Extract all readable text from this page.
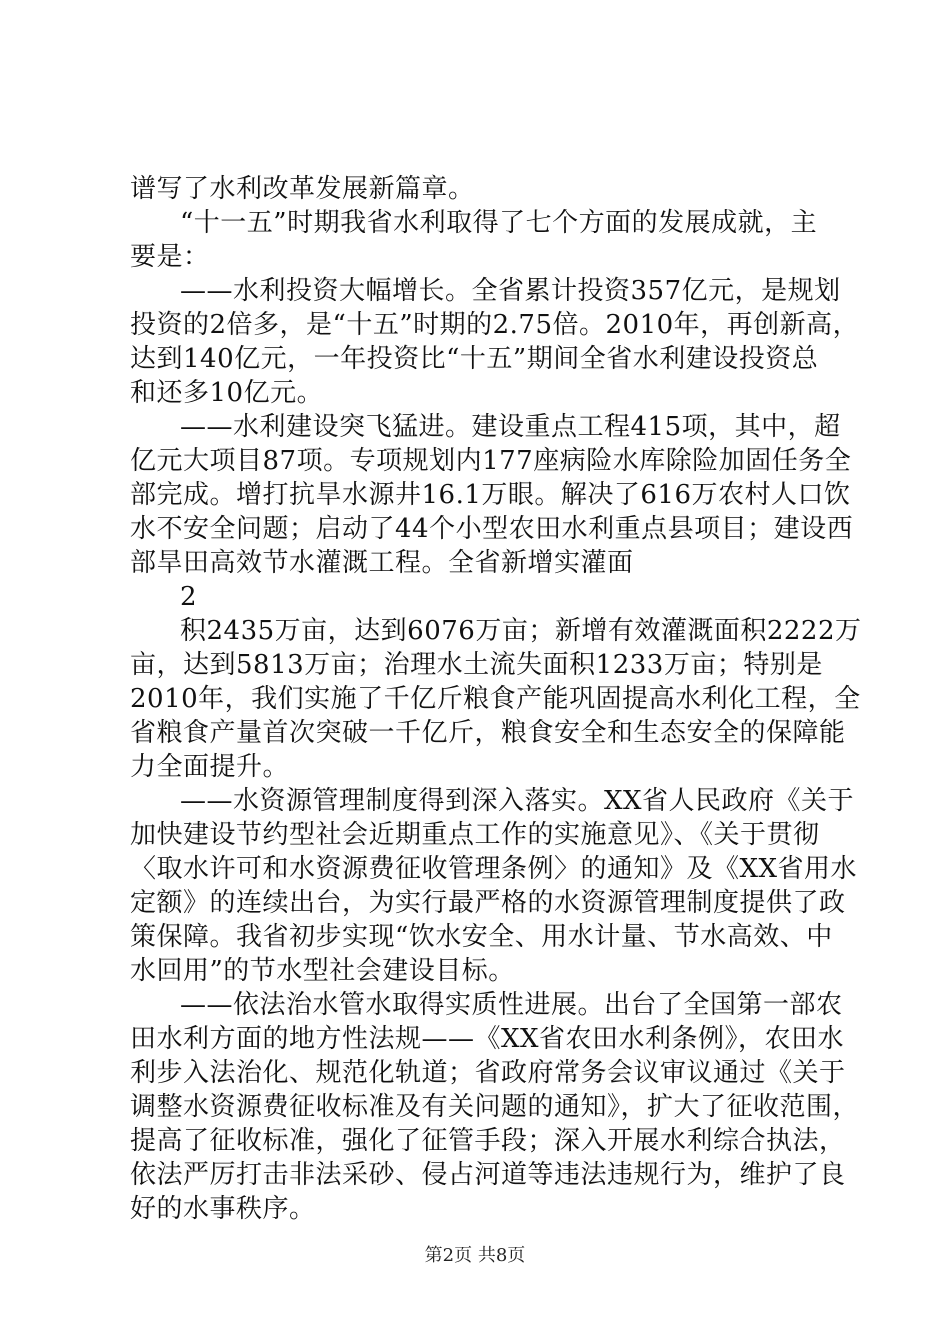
谱写了水利改革发展新篇章。
“十一五”时期我省水利取得了七个方面的发展成就，主
要是：
——水利投资大幅增长。全省累计投资357亿元，是规划
投资的2倍多，是“十五”时期的2.75倍。2010年，再创新高，
达到140亿元，一年投资比“十五”期间全省水利建设投资总
和还多10亿元。
——水利建设突飞猛进。建设重点工程415项，其中，超
亿元大项目87项。专项规划内177座病险水库除险加固任务全
部完成。增打抗旱水源井16.1万眼。解决了616万农村人口饮
水不安全问题；启动了44个小型农田水利重点县项目；建设西
部旱田高效节水灌溉工程。全省新增实灌面
2
积2435万亩，达到6076万亩；新增有效灌溉面积2222万
亩，达到5813万亩；治理水土流失面积1233万亩；特别是
2010年，我们实施了千亿斤粮食产能巩固提高水利化工程，全
省粮食产量首次突破一千亿斤，粮食安全和生态安全的保障能
力全面提升。
——水资源管理制度得到深入落实。XX省人民政府《关于
加快建设节约型社会近期重点工作的实施意见》、《关于贯彻
〈取水许可和水资源费征收管理条例〉的通知》及《XX省用水
定额》的连续出台，为实行最严格的水资源管理制度提供了政
策保障。我省初步实现“饮水安全、用水计量、节水高效、中
水回用”的节水型社会建设目标。
——依法治水管水取得实质性进展。出台了全国第一部农
田水利方面的地方性法规——《XX省农田水利条例》，农田水
利步入法治化、规范化轨道；省政府常务会议审议通过《关于
调整水资源费征收标准及有关问题的通知》，扩大了征收范围，
提高了征收标准，强化了征管手段；深入开展水利综合执法，
依法严厉打击非法采砂、侵占河道等违法违规行为，维护了良
好的水事秩序。
第2页 共8页
